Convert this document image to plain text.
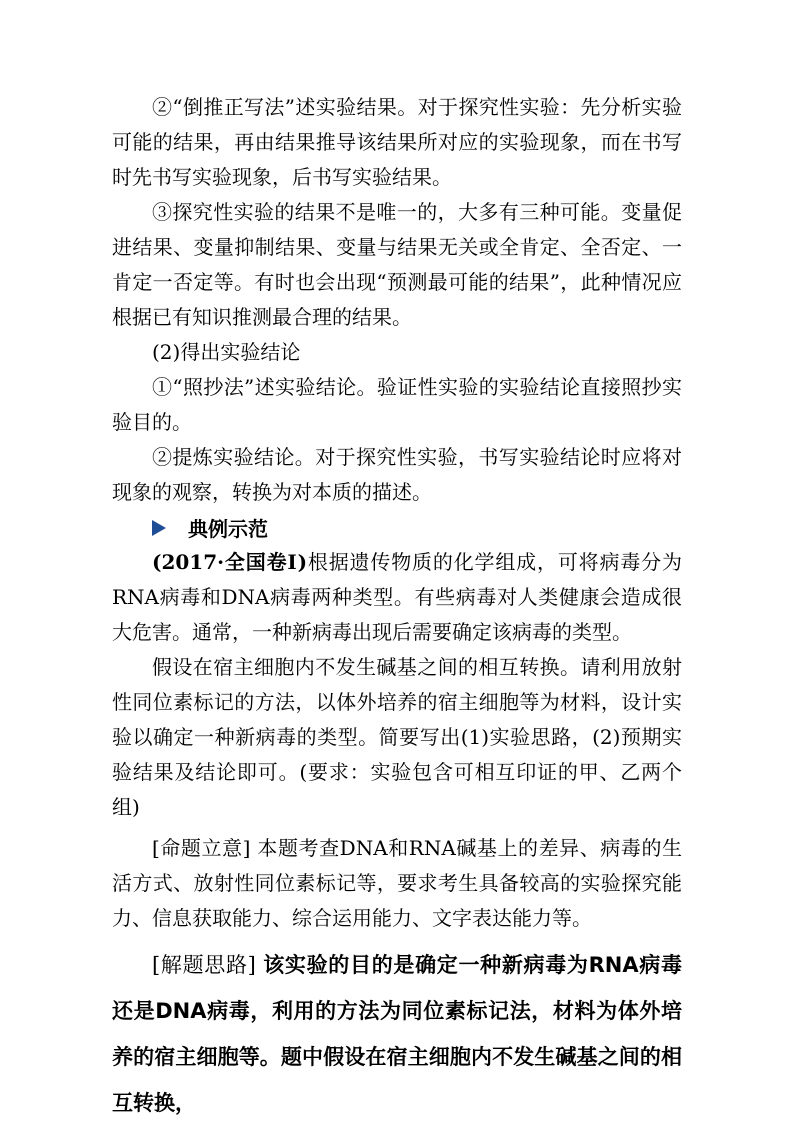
②“倒推正写法”述实验结果。对于探究性实验：先分析实验可能的结果，再由结果推导该结果所对应的实验现象，而在书写时先书写实验现象，后书写实验结果。

③探究性实验的结果不是唯一的，大多有三种可能。变量促进结果、变量抑制结果、变量与结果无关或全肯定、全否定、一肯定一否定等。有时也会出现“预测最可能的结果”，此种情况应根据已有知识推测最合理的结果。

(2)得出实验结论

①“照抄法”述实验结论。验证性实验的实验结论直接照抄实验目的。

②提炼实验结论。对于探究性实验，书写实验结论时应将对现象的观察，转换为对本质的描述。

典例示范

(2017·全国卷Ⅰ)根据遗传物质的化学组成，可将病毒分为RNA病毒和DNA病毒两种类型。有些病毒对人类健康会造成很大危害。通常，一种新病毒出现后需要确定该病毒的类型。

假设在宿主细胞内不发生碱基之间的相互转换。请利用放射性同位素标记的方法，以体外培养的宿主细胞等为材料，设计实验以确定一种新病毒的类型。简要写出(1)实验思路，(2)预期实验结果及结论即可。(要求：实验包含可相互印证的甲、乙两个组)

[命题立意] 本题考查DNA和RNA碱基上的差异、病毒的生活方式、放射性同位素标记等，要求考生具备较高的实验探究能力、信息获取能力、综合运用能力、文字表达能力等。

[解题思路] 该实验的目的是确定一种新病毒为RNA病毒还是DNA病毒，利用的方法为同位素标记法，材料为体外培养的宿主细胞等。题中假设在宿主细胞内不发生碱基之间的相互转换，
